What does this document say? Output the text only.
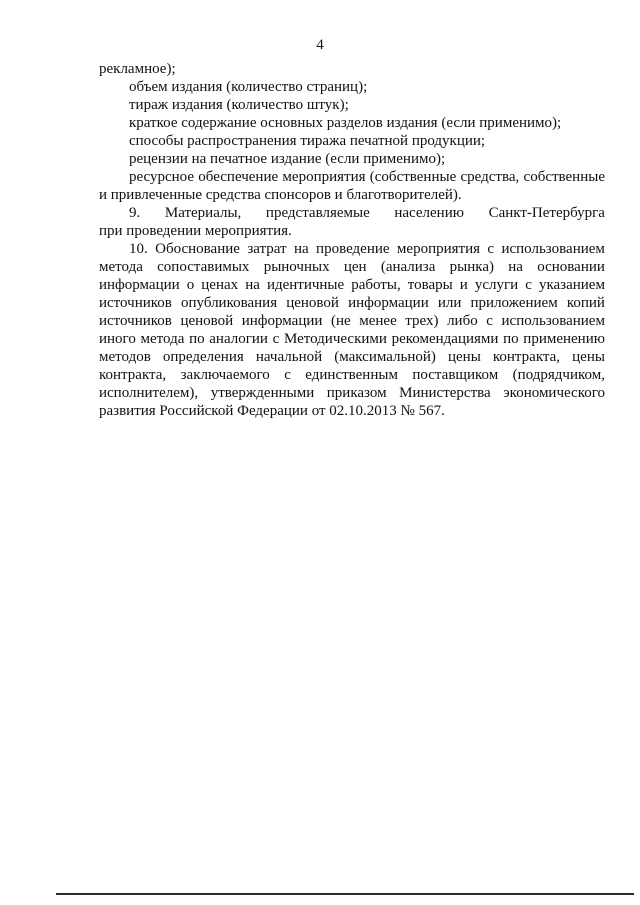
4
рекламное);
объем издания (количество страниц);
тираж издания (количество штук);
краткое содержание основных разделов издания (если применимо);
способы распространения тиража печатной продукции;
рецензии на печатное издание (если применимо);
ресурсное обеспечение мероприятия (собственные средства, собственные
и привлеченные средства спонсоров и благотворителей).
9. Материалы, представляемые населению Санкт-Петербурга
при проведении мероприятия.
10. Обоснование затрат на проведение мероприятия с использованием
метода сопоставимых рыночных цен (анализа рынка) на основании
информации о ценах на идентичные работы, товары и услуги с указанием
источников опубликования ценовой информации или приложением копий
источников ценовой информации (не менее трех) либо с использованием
иного метода по аналогии с Методическими рекомендациями по применению
методов определения начальной (максимальной) цены контракта, цены
контракта, заключаемого с единственным поставщиком (подрядчиком,
исполнителем), утвержденными приказом Министерства экономического
развития Российской Федерации от 02.10.2013 № 567.
